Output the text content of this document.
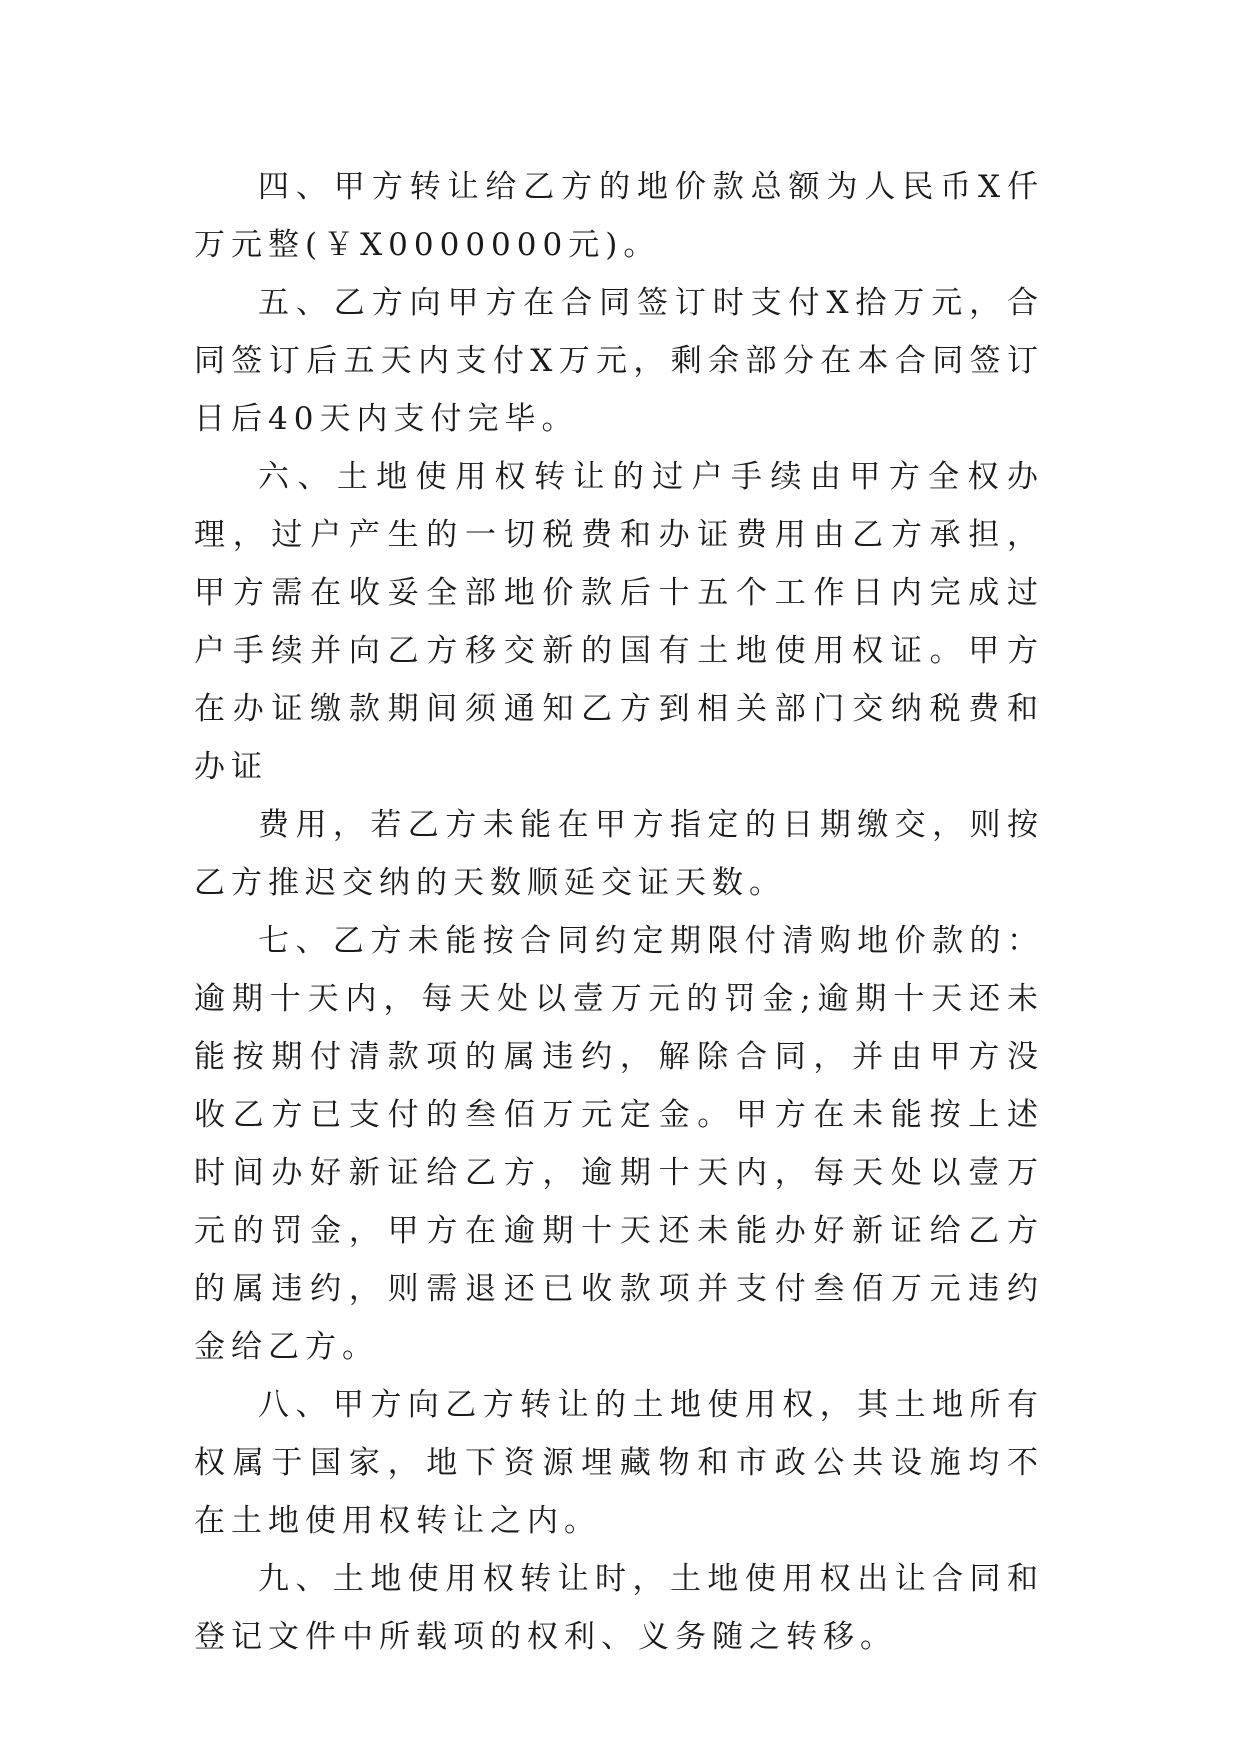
四、甲方转让给乙方的地价款总额为人民币X仟万元整(￥X0000000元)。

五、乙方向甲方在合同签订时支付X拾万元，合同签订后五天内支付X万元，剩余部分在本合同签订日后40天内支付完毕。

六、土地使用权转让的过户手续由甲方全权办理，过户产生的一切税费和办证费用由乙方承担，甲方需在收妥全部地价款后十五个工作日内完成过户手续并向乙方移交新的国有土地使用权证。甲方在办证缴款期间须通知乙方到相关部门交纳税费和办证

费用，若乙方未能在甲方指定的日期缴交，则按乙方推迟交纳的天数顺延交证天数。

七、乙方未能按合同约定期限付清购地价款的：逾期十天内，每天处以壹万元的罚金;逾期十天还未能按期付清款项的属违约，解除合同，并由甲方没收乙方已支付的叁佰万元定金。甲方在未能按上述时间办好新证给乙方，逾期十天内，每天处以壹万元的罚金，甲方在逾期十天还未能办好新证给乙方的属违约，则需退还已收款项并支付叁佰万元违约金给乙方。

八、甲方向乙方转让的土地使用权，其土地所有权属于国家，地下资源埋藏物和市政公共设施均不在土地使用权转让之内。

九、土地使用权转让时，土地使用权出让合同和登记文件中所载项的权利、义务随之转移。
